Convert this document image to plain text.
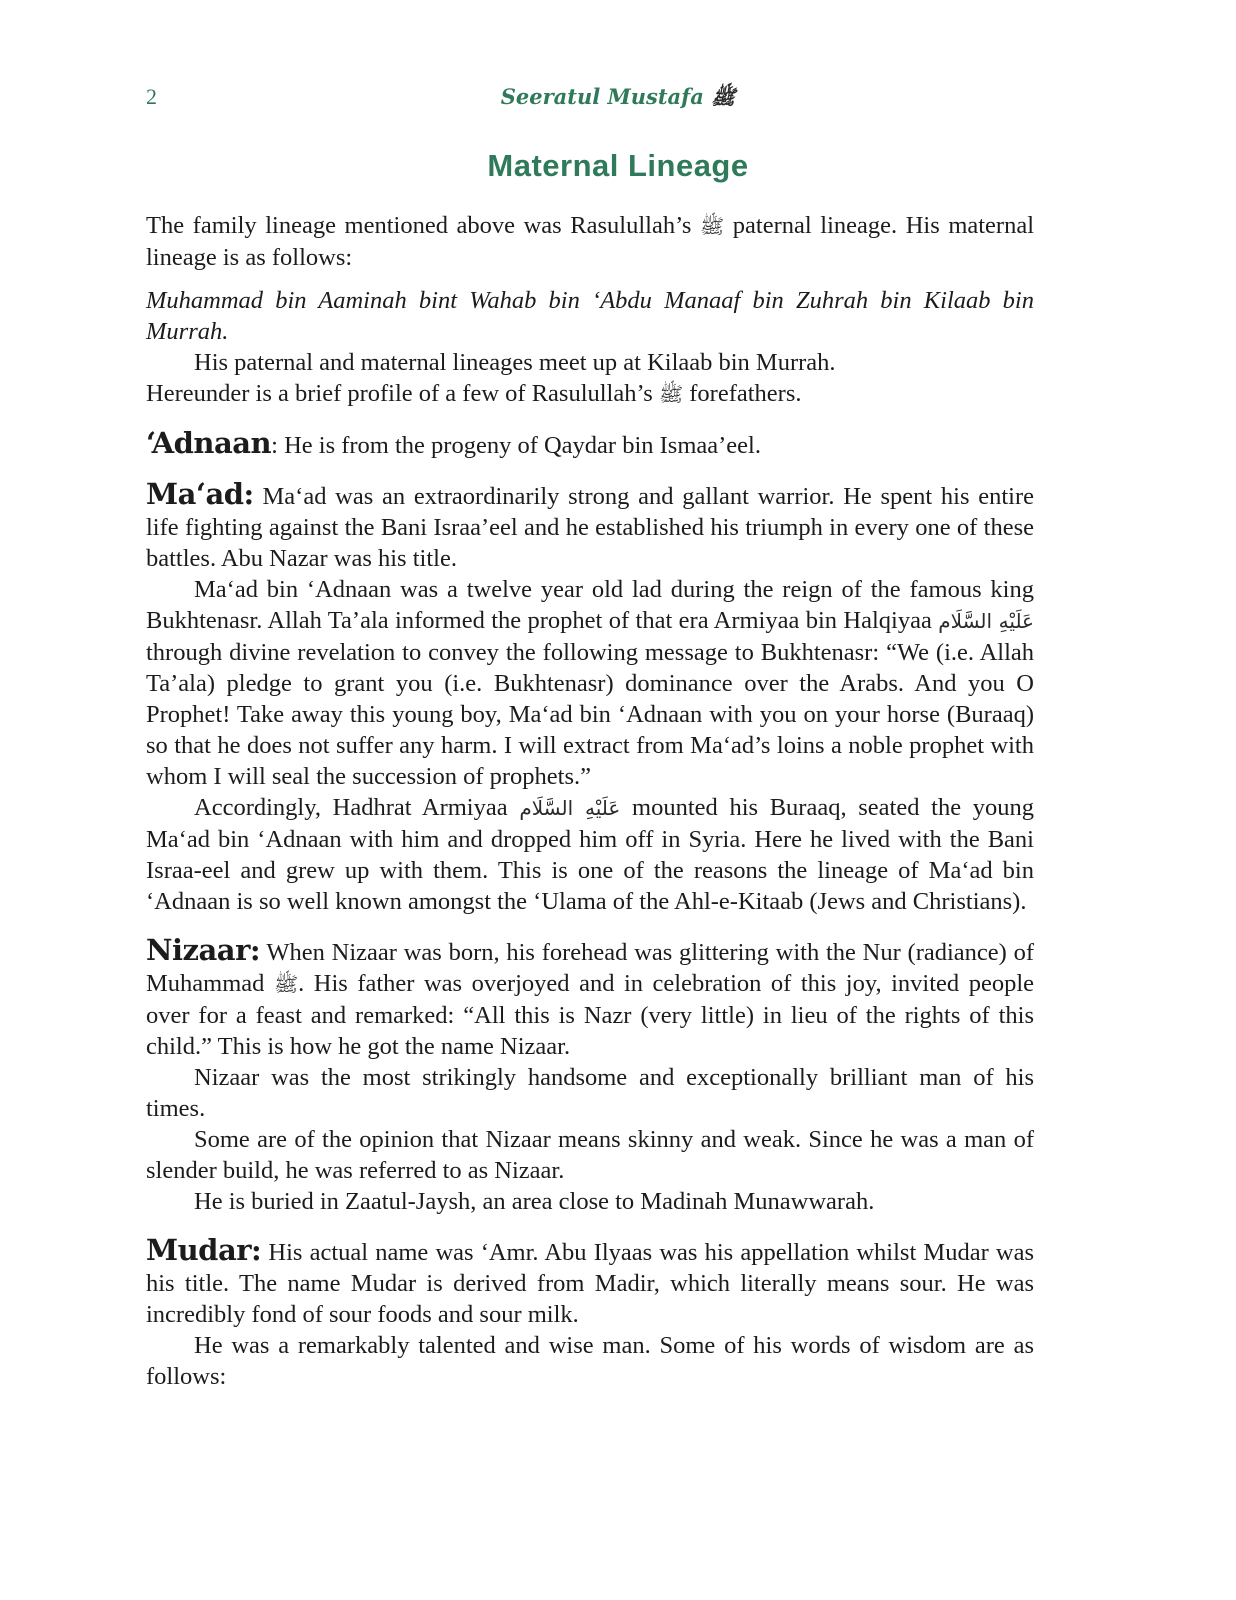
2	Seeratul Mustafa ﷺ
Maternal Lineage

The family lineage mentioned above was Rasulullah’s ﷺ paternal lineage. His maternal lineage is as follows:

Muhammad bin Aaminah bint Wahab bin ‘Abdu Manaaf bin Zuhrah bin Kilaab bin Murrah.

His paternal and maternal lineages meet up at Kilaab bin Murrah.

Hereunder is a brief profile of a few of Rasulullah’s ﷺ forefathers.

‘Adnaan: He is from the progeny of Qaydar bin Ismaa’eel.

Ma‘ad: Ma‘ad was an extraordinarily strong and gallant warrior. He spent his entire life fighting against the Bani Israa’eel and he established his triumph in every one of these battles. Abu Nazar was his title.

Ma‘ad bin ‘Adnaan was a twelve year old lad during the reign of the famous king Bukhtenasr. Allah Ta’ala informed the prophet of that era Armiyaa bin Halqiyaa عَلَيْهِ السَّلَام through divine revelation to convey the following message to Bukhtenasr: “We (i.e. Allah Ta’ala) pledge to grant you (i.e. Bukhtenasr) dominance over the Arabs. And you O Prophet! Take away this young boy, Ma‘ad bin ‘Adnaan with you on your horse (Buraaq) so that he does not suffer any harm. I will extract from Ma‘ad’s loins a noble prophet with whom I will seal the succession of prophets.”

Accordingly, Hadhrat Armiyaa عَلَيْهِ السَّلَام mounted his Buraaq, seated the young Ma‘ad bin ‘Adnaan with him and dropped him off in Syria. Here he lived with the Bani Israa-eel and grew up with them. This is one of the reasons the lineage of Ma‘ad bin ‘Adnaan is so well known amongst the ‘Ulama of the Ahl-e-Kitaab (Jews and Christians).

Nizaar: When Nizaar was born, his forehead was glittering with the Nur (radiance) of Muhammad ﷺ. His father was overjoyed and in celebration of this joy, invited people over for a feast and remarked: “All this is Nazr (very little) in lieu of the rights of this child.” This is how he got the name Nizaar.

Nizaar was the most strikingly handsome and exceptionally brilliant man of his times.

Some are of the opinion that Nizaar means skinny and weak. Since he was a man of slender build, he was referred to as Nizaar.

He is buried in Zaatul-Jaysh, an area close to Madinah Munawwarah.

Mudar: His actual name was ‘Amr. Abu Ilyaas was his appellation whilst Mudar was his title. The name Mudar is derived from Madir, which literally means sour. He was incredibly fond of sour foods and sour milk.

He was a remarkably talented and wise man. Some of his words of wisdom are as follows:
